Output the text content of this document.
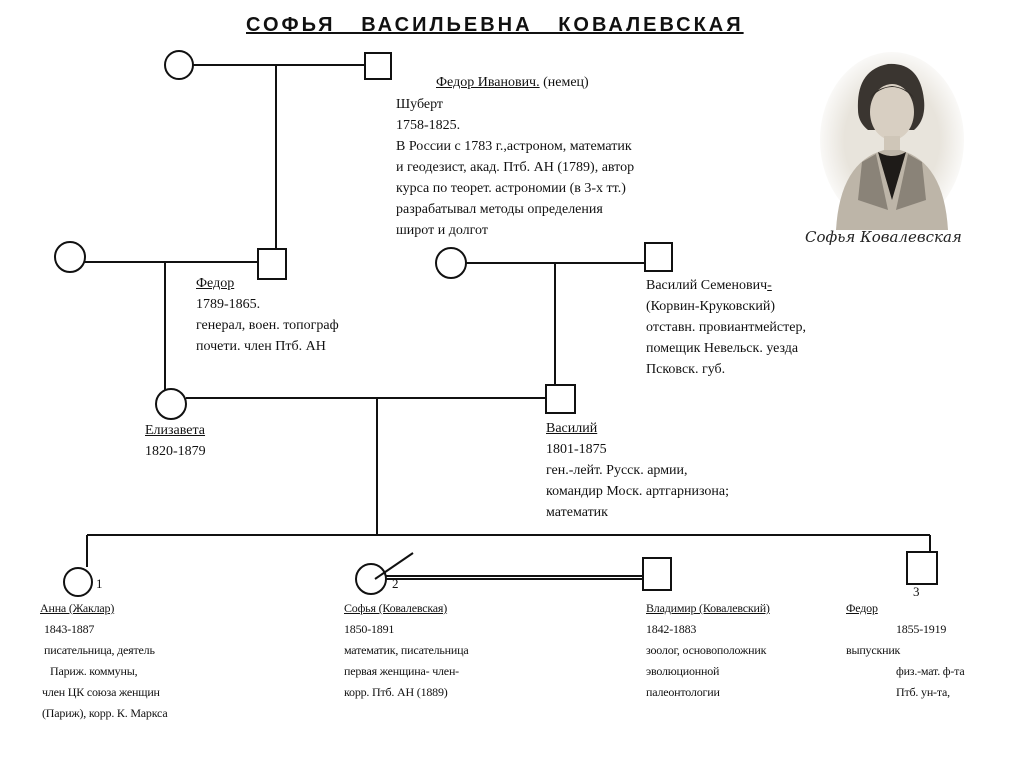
СОФЬЯ   ВАСИЛЬЕВНА   КОВАЛЕВСКАЯ
Федор Иванович. (немец)
Шуберт
1758-1825.
В России с 1783 г.,астроном, математик
и геодезист, акад. Птб. АН (1789), автор
курса по теорет. астрономии (в 3-х тт.)
разрабатывал методы определения
широт и долгот	Софья Ковалевская
Федор
1789-1865.
генерал, воен. топограф
почети. член Птб. АН
Василий Семенович-
(Корвин-Круковский)
отставн. провиантмейстер,
помещик Невельск. уезда
Псковск. губ.
Елизавета
1820-1879
Василий
1801-1875
ген.-лейт. Русск. армии,
командир Моск. артгарнизона;
математик
1	2
3
Анна (Жаклар)
1843-1887
писательница, деятель
Париж. коммуны,
член ЦК союза женщин
(Париж), корр. К. Маркса
Софья (Ковалевская)
1850-1891
математик, писательница
первая женщина- член-
корр. Птб. АН (1889)
Владимир (Ковалевский)
1842-1883
зоолог, основоположник
эволюционной
палеонтологии
Федор
1855-1919
выпускник
физ.-мат. ф-та
Птб. ун-та,
